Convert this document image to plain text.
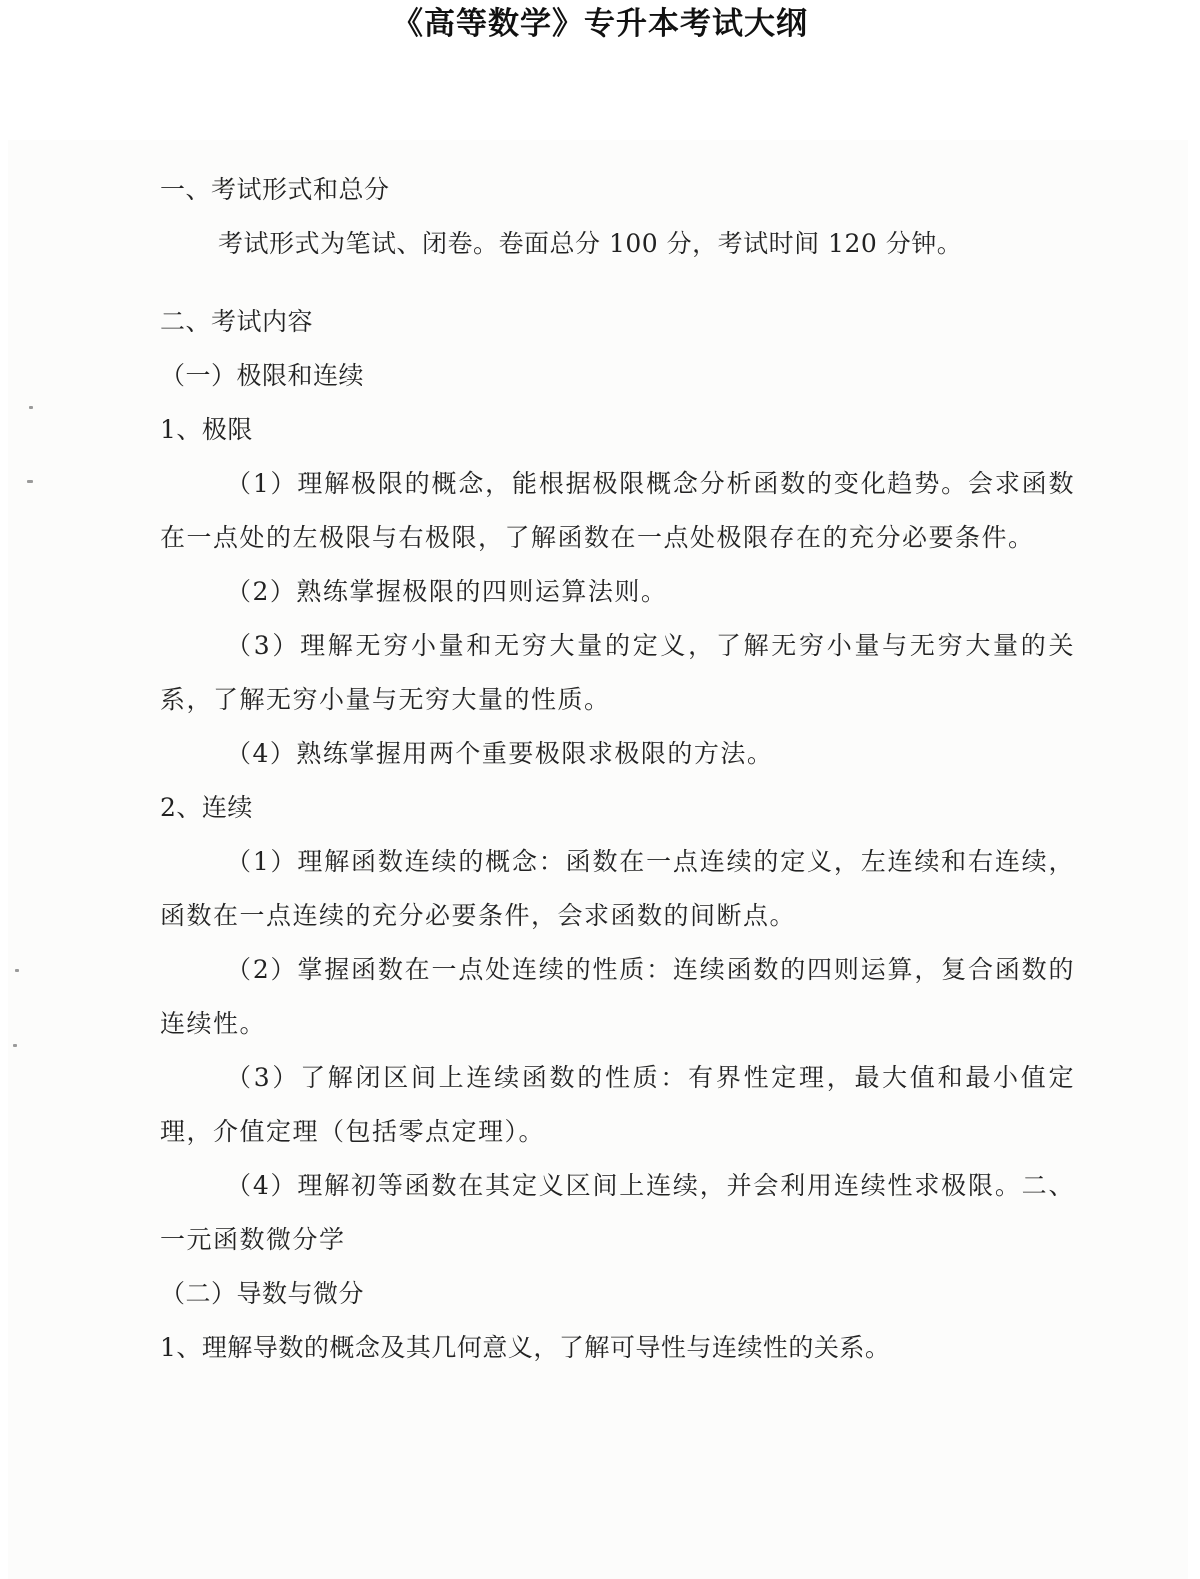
《高等数学》专升本考试大纲
一、考试形式和总分
考试形式为笔试、闭卷。卷面总分 100 分，考试时间 120 分钟。
二、考试内容
（一）极限和连续
1、极限
（1）理解极限的概念，能根据极限概念分析函数的变化趋势。会求函数在一点处的左极限与右极限，了解函数在一点处极限存在的充分必要条件。
（2）熟练掌握极限的四则运算法则。
（3）理解无穷小量和无穷大量的定义，了解无穷小量与无穷大量的关系，了解无穷小量与无穷大量的性质。
（4）熟练掌握用两个重要极限求极限的方法。
2、连续
（1）理解函数连续的概念：函数在一点连续的定义，左连续和右连续，函数在一点连续的充分必要条件，会求函数的间断点。
（2）掌握函数在一点处连续的性质：连续函数的四则运算，复合函数的连续性。
（3）了解闭区间上连续函数的性质：有界性定理，最大值和最小值定理，介值定理（包括零点定理）。
（4）理解初等函数在其定义区间上连续，并会利用连续性求极限。二、一元函数微分学
（二）导数与微分
1、理解导数的概念及其几何意义，了解可导性与连续性的关系。
